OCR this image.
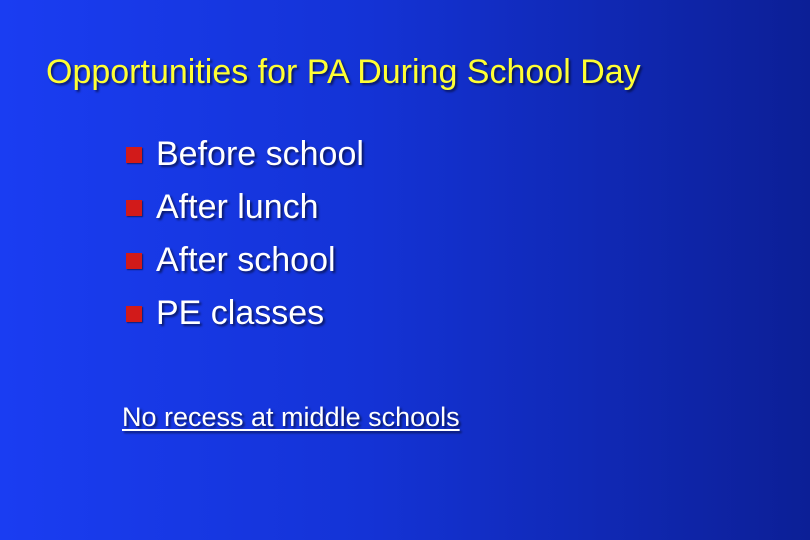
Opportunities for PA During School Day
Before school
After lunch
After school
PE classes
No recess at middle schools
